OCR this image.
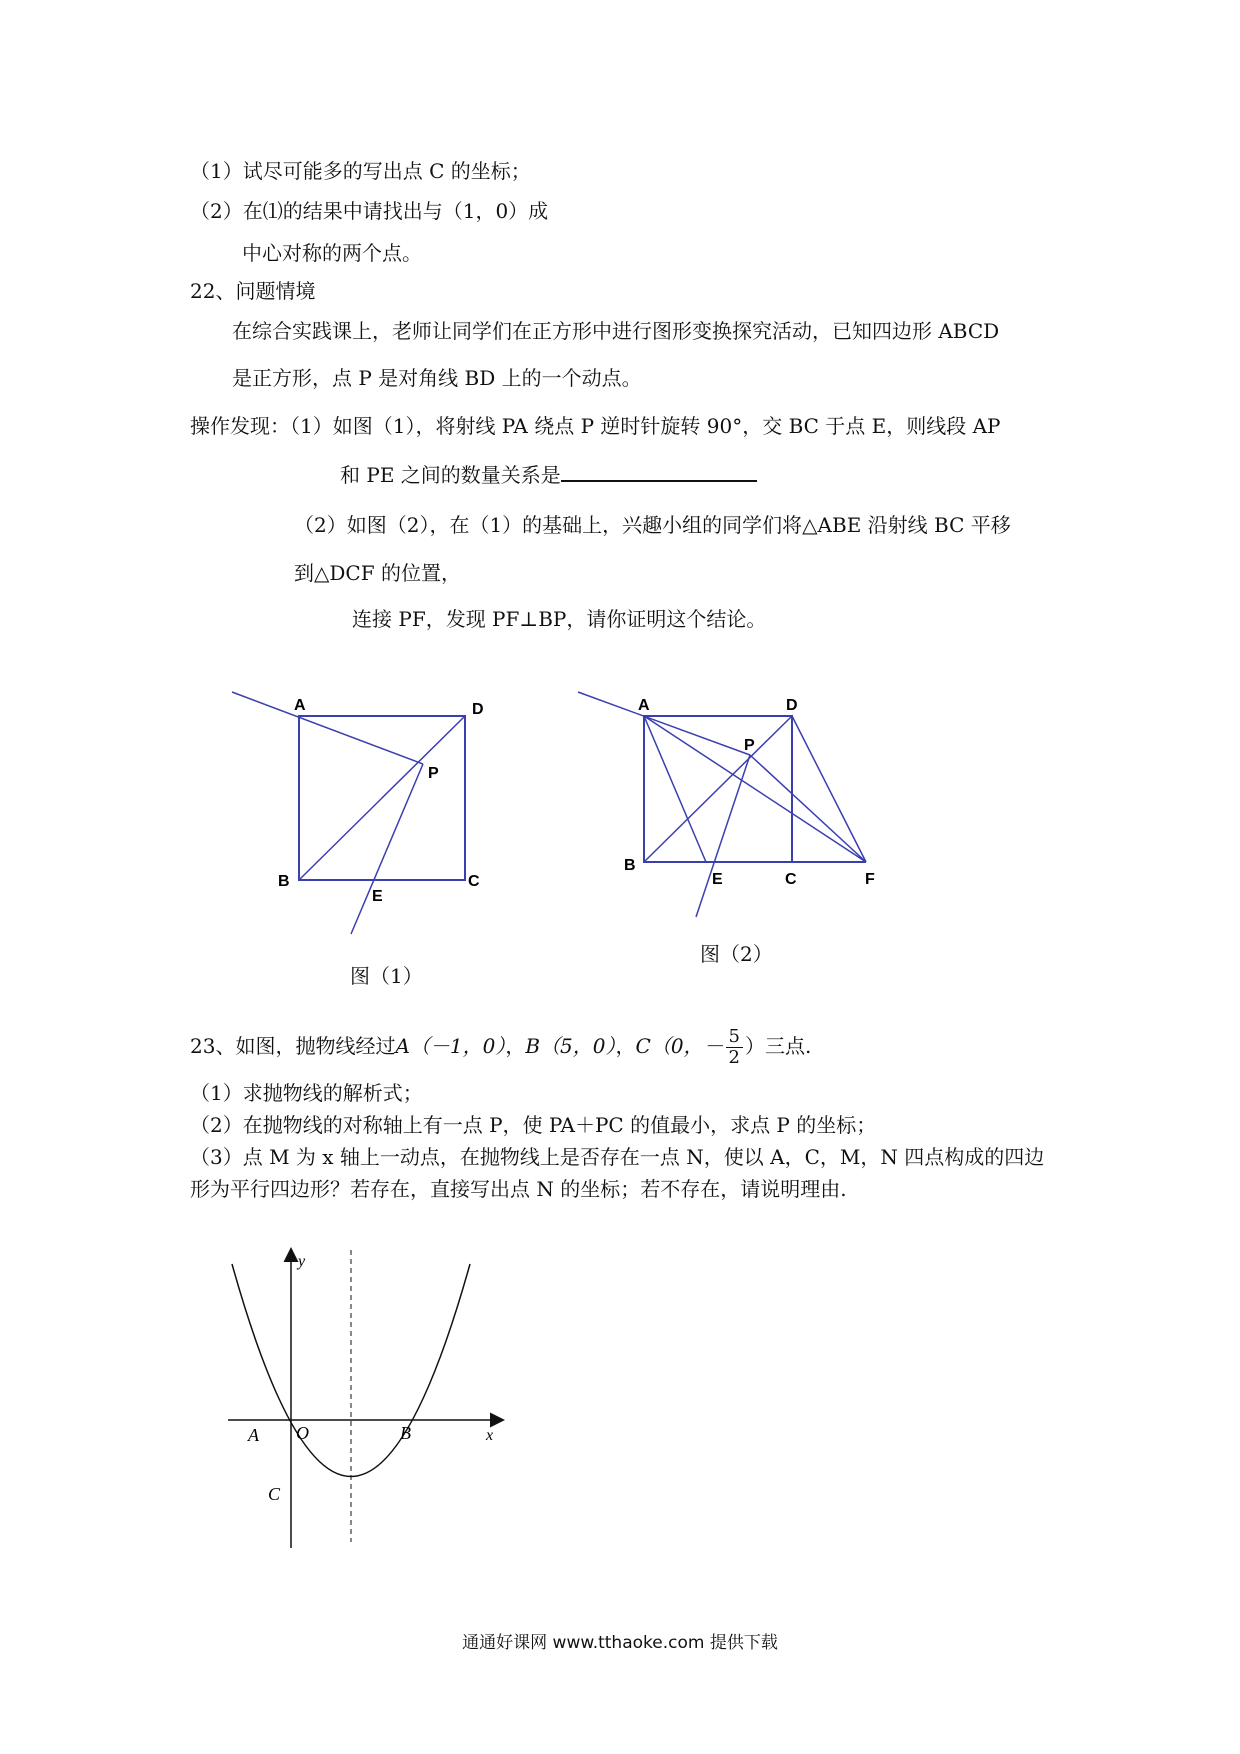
（1）试尽可能多的写出点 C 的坐标；
（2）在⑴的结果中请找出与（1，0）成
中心对称的两个点。
22、问题情境
在综合实践课上，老师让同学们在正方形中进行图形变换探究活动，已知四边形 ABCD
是正方形，点 P 是对角线 BD 上的一个动点。
操作发现：（1）如图（1），将射线 PA 绕点 P 逆时针旋转 90°，交 BC 于点 E，则线段 AP
和 PE 之间的数量关系是
（2）如图（2），在（1）的基础上，兴趣小组的同学们将△ABE 沿射线 BC 平移
到△DCF 的位置，
连接 PF，发现 PF⊥BP，请你证明这个结论。
A	D
P
B	C
E
图（1）
A	D
P
B
C
E	F
图（2）
23、如图，抛物线经过A（－1，0），B（5，0），C（0，－ $\frac{5}{2}$ ）三点.
（1）求抛物线的解析式；
（2）在抛物线的对称轴上有一点 P，使 PA＋PC 的值最小，求点 P 的坐标；
（3）点 M 为 x 轴上一动点，在抛物线上是否存在一点 N，使以 A，C，M，N 四点构成的四边
形为平行四边形？若存在，直接写出点 N 的坐标；若不存在，请说明理由.
y
x
A O	B
C
通通好课网 www.tthaoke.com 提供下载
